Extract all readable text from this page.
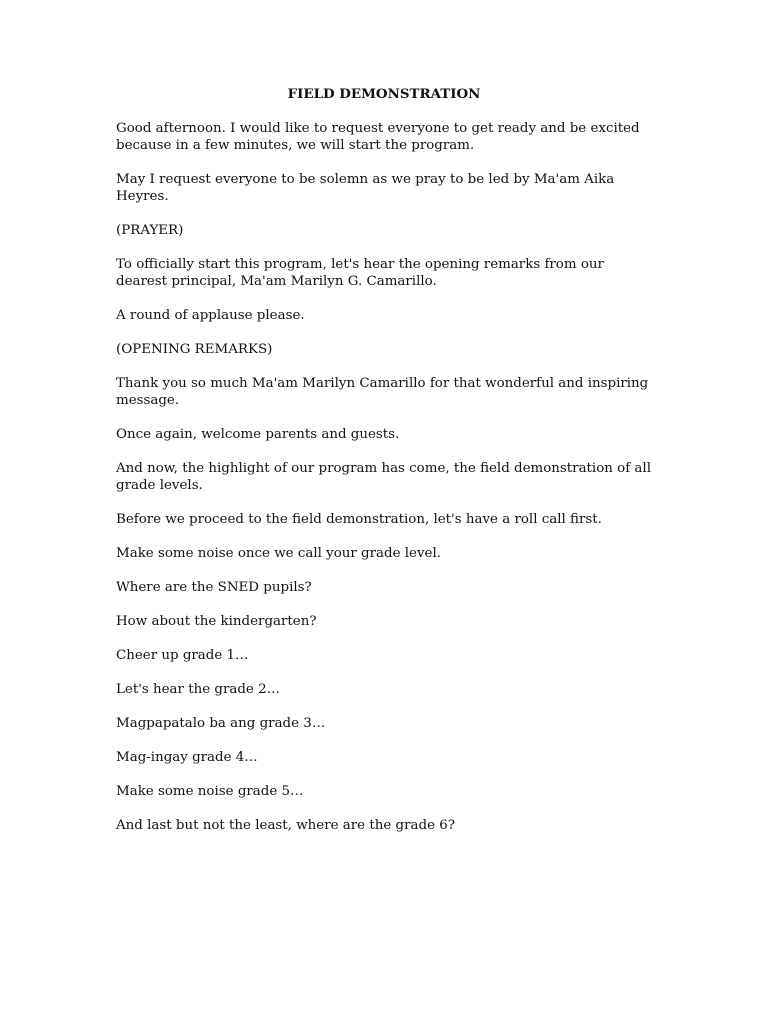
FIELD DEMONSTRATION

Good afternoon. I would like to request everyone to get ready and be excited because in a few minutes, we will start the program.

May I request everyone to be solemn as we pray to be led by Ma'am Aika Heyres.

(PRAYER)

To officially start this program, let's hear the opening remarks from our dearest principal, Ma'am Marilyn G. Camarillo.

A round of applause please.

(OPENING REMARKS)

Thank you so much Ma'am Marilyn Camarillo for that wonderful and inspiring message.

Once again, welcome parents and guests.

And now, the highlight of our program has come, the field demonstration of all grade levels.

Before we proceed to the field demonstration, let's have a roll call first.

Make some noise once we call your grade level.

Where are the SNED pupils?

How about the kindergarten?

Cheer up grade 1…

Let's hear the grade 2…

Magpapatalo ba ang grade 3…

Mag-ingay grade 4…

Make some noise grade 5…

And last but not the least, where are the grade 6?
